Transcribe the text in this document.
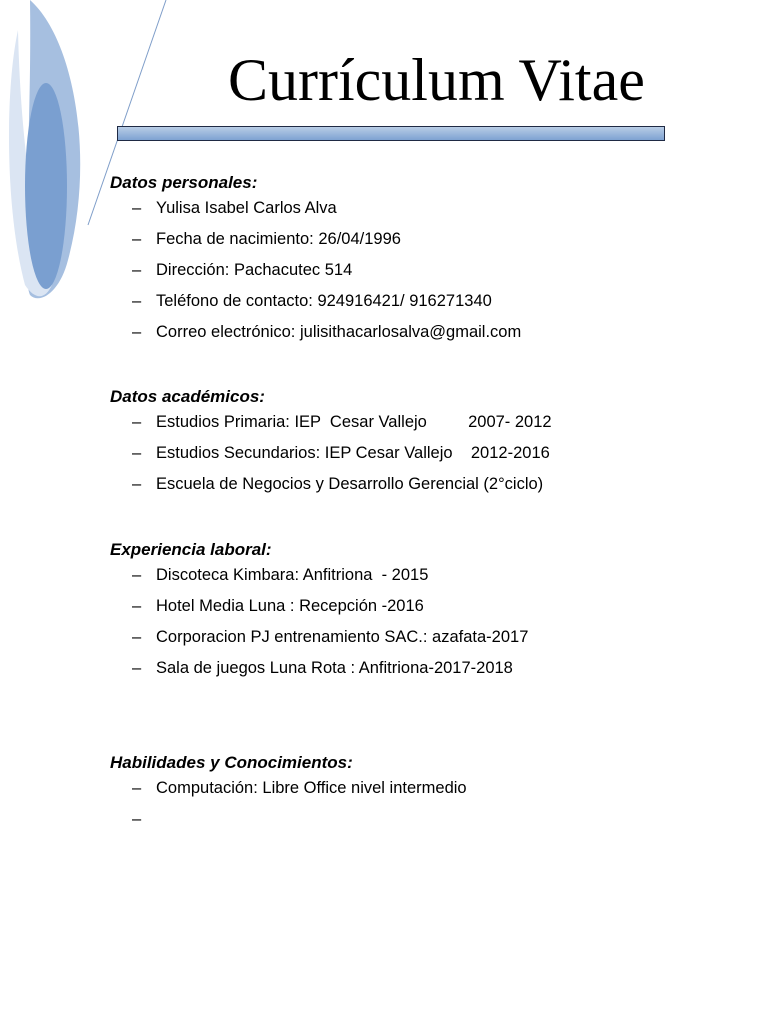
Currículum Vitae
Datos personales:
– Yulisa Isabel Carlos Alva
– Fecha de nacimiento: 26/04/1996
– Dirección: Pachacutec 514
– Teléfono de contacto: 924916421/ 916271340
– Correo electrónico: julisithacarlosalva@gmail.com
Datos académicos:
– Estudios Primaria: IEP  Cesar Vallejo         2007- 2012
– Estudios Secundarios: IEP Cesar Vallejo    2012-2016
– Escuela de Negocios y Desarrollo Gerencial (2°ciclo)
Experiencia laboral:
– Discoteca Kimbara: Anfitriona  - 2015
– Hotel Media Luna : Recepción -2016
– Corporacion PJ entrenamiento SAC.: azafata-2017
– Sala de juegos Luna Rota : Anfitriona-2017-2018
Habilidades y Conocimientos:
– Computación: Libre Office nivel intermedio
–
